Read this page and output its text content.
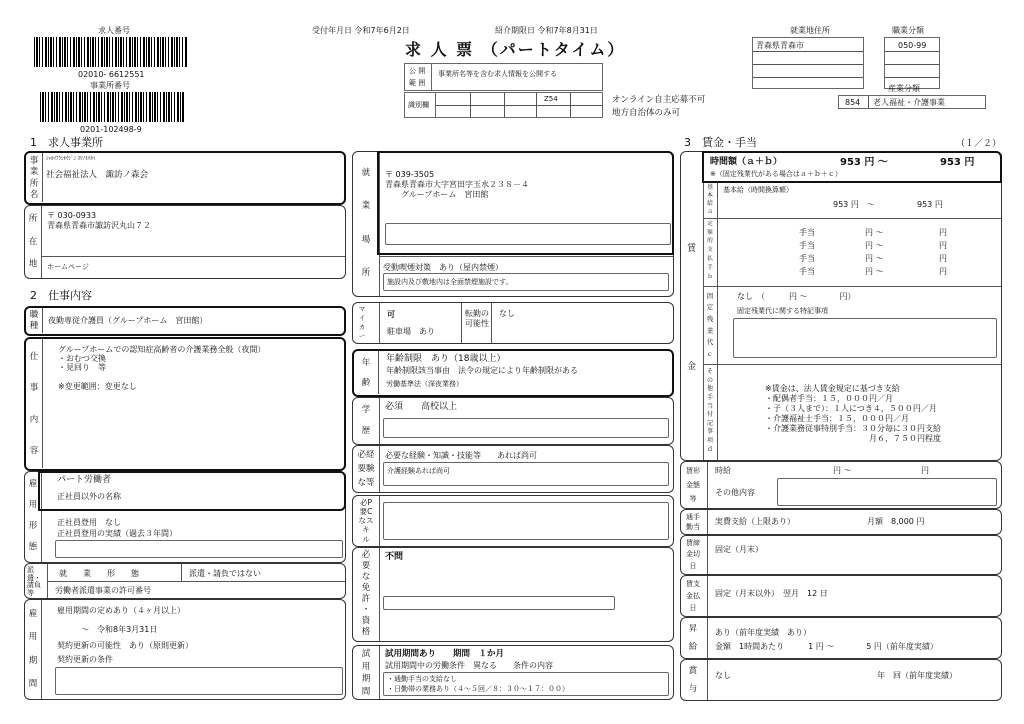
求人番号
02010- 6612551
事業所番号
0201-102498-9
受付年月日 令和7年6月2日	紹介期限日 令和7年8月31日
求 人 票 （パートタイム）
公 開
範 囲
事業所名等を含む求人情報を公開する
識別欄
Z54	オンライン自主応募不可
地方自治体のみ可
就業地住所
青森県青森市
職業分類
050-99
産業分類
854 老人福祉・介護事業
1　求人事業所
事
業
所
名
ｼｬｶｲﾌｸｼﾎｳｼﾞﾝ ｽﾜﾉﾓﾘｶｲ
社会福祉法人　諏訪ノ森会
所
在
地
〒 030-0933
青森県青森市諏訪沢丸山７２
ホームページ
2　仕事内容
職
種
夜勤専従介護員（グループホーム　宮田館）
仕
事
内
容
グループホームでの認知症高齢者の介護業務全般（夜間）
・おむつ交換
・見回り　等
※変更範囲：変更なし
雇
用
形
態
パート労働者
正社員以外の名称
正社員登用　なし
正社員登用の実績（過去３年間）
派遣・請負等
就　　業　　形　　態	派遣・請負ではない
労働者派遣事業の許可番号
雇
用
期
間
雇用期間の定めあり（４ヶ月以上）
　　　～　令和8年3月31日
契約更新の可能性　あり（原則更新）
契約更新の条件
就
業
場
所
受動喫煙対策　あり（屋内禁煙）
施設内及び敷地内は全面禁煙施設です。
〒 039-3505
青森県青森市大字宮田字玉水２３８－４
グループホーム　宮田館
マ
イ
カ
ー
可
駐車場　あり
転勤の可能性
なし
年
齢
年齢制限　あり（18歳以上）
年齢制限該当事由　法令の規定により年齢制限がある
労働基準法（深夜業務）
学
歴
必須　　高校以上
必経
要験
な等
必要な経験・知識・技能等　　あれば尚可
介護経験あれば尚可
必P
要C
なス
キ
ル
必
要
な
免
許
・
資
格
不問
試
用
期
間
試用期間あり　　期間　１か月
試用期間中の労働条件　異なる　　条件の内容
・通勤手当の支給なし
・日勤帯の業務あり（４～５回／８：３０～１７：００）
3　賃金・手当	（１／２）
賃
金
基
本
給
ａ
基本給（時間換算額）
953 円　～	953 円
定
額
的
支
払
手
ｂ
手当	円 ～	円
手当	円 ～	円
手当	円 ～	円
手当	円 ～	円
固
定
残
業
代
ｃ
なし　（　　　円 ～　　　　円）
固定残業代に関する特記事項
そ
の
他
手
当
付
記
事
項
ｄ
※賃金は、法人賃金規定に基づき支給
・配偶者手当：１５，０００円／月
・子（３人まで）：１人につき４，５００円／月
・介護福祉士手当：１５，０００円／月
・介護業務従事特別手当：３０分毎に３０円支給
　　　　　　　　　　　　　月６，７５０円程度
時間額（ａ＋ｂ）	953 円 ～	953 円
※（固定残業代がある場合はａ＋ｂ＋ｃ）
賃形
金態
等
時給	円 ～	円
その他内容
通手
勤当
実費支給（上限あり）	月額　8,000 円
賃締
金切
日
固定（月末）
賃支
金払
日
固定（月末以外）　翌月　12 日
昇
給
あり（前年度実績　あり）
金額　1時間あたり　　　1 円 ～　　　　5 円（前年度実績）
賞
与
なし	年　回（前年度実績）
